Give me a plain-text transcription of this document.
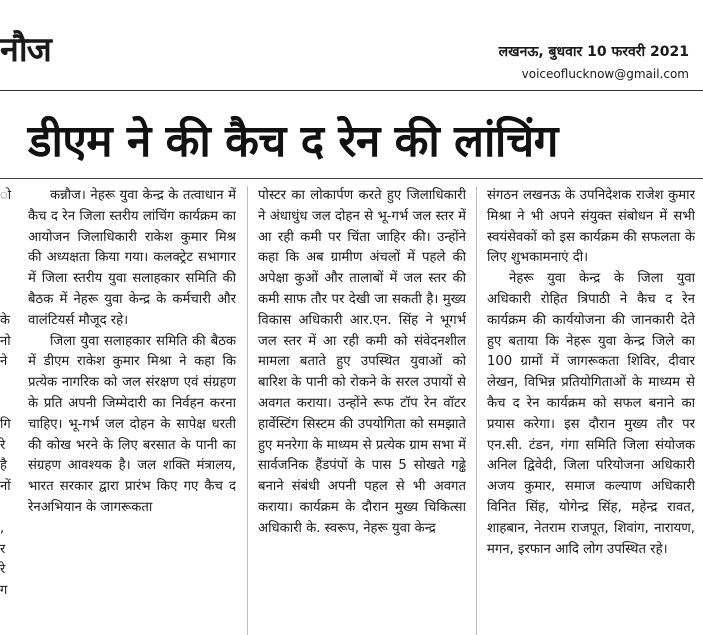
नौज	लखनऊ, बुधवार 10 फरवरी 2021
voiceoflucknow@gmail.com
डीएम ने की कैच द रेन की लांचिंग
ो
के
नो
ने
गि
रे
है
नों
,
र
रे
ग

कन्नौज। नेहरू युवा केन्द्र के तत्वाधान में कैच द रेन जिला स्तरीय लांचिंग कार्यक्रम का आयोजन जिलाधिकारी राकेश कुमार मिश्र की अध्यक्षता किया गया। कलक्ट्रेट सभागार में जिला स्तरीय युवा सलाहकार समिति की बैठक में नेहरू युवा केन्द्र के कर्मचारी और वालंटियर्स मौजूद रहे।

जिला युवा सलाहकार समिति की बैठक में डीएम राकेश कुमार मिश्रा ने कहा कि प्रत्येक नागरिक को जल संरक्षण एवं संग्रहण के प्रति अपनी जिम्मेदारी का निर्वहन करना चाहिए। भू-गर्भ जल दोहन के सापेक्ष धरती की कोख भरने के लिए बरसात के पानी का संग्रहण आवश्यक है। जल शक्ति मंत्रालय, भारत सरकार द्वारा प्रारंभ किए गए कैच द रेनअभियान के जागरूकता

पोस्टर का लोकार्पण करते हुए जिलाधिकारी ने अंधाधुंध जल दोहन से भू-गर्भ जल स्तर में आ रही कमी पर चिंता जाहिर की। उन्होंने कहा कि अब ग्रामीण अंचलों में पहले की अपेक्षा कुओं और तालाबों में जल स्तर की कमी साफ तौर पर देखी जा सकती है। मुख्य विकास अधिकारी आर.एन. सिंह ने भूगर्भ जल स्तर में आ रही कमी को संवेदनशील मामला बताते हुए उपस्थित युवाओं को बारिश के पानी को रोकने के सरल उपायों से अवगत कराया। उन्होंने रूफ टॉप रेन वॉटर हार्वेस्टिंग सिस्टम की उपयोगिता को समझाते हुए मनरेगा के माध्यम से प्रत्येक ग्राम सभा में सार्वजनिक हैंडपंपों के पास 5 सोखते गढ्ढे बनाने संबंधी अपनी पहल से भी अवगत कराया। कार्यक्रम के दौरान मुख्य चिकित्सा अधिकारी के. स्वरूप, नेहरू युवा केन्द्र

संगठन लखनऊ के उपनिदेशक राजेश कुमार मिश्रा ने भी अपने संयुक्त संबोधन में सभी स्वयंसेवकों को इस कार्यक्रम की सफलता के लिए शुभकामनाएं दी।

नेहरू युवा केन्द्र के जिला युवा अधिकारी रोहित त्रिपाठी ने कैच द रेन कार्यक्रम की कार्ययोजना की जानकारी देते हुए बताया कि नेहरू युवा केन्द्र जिले का 100 ग्रामों में जागरूकता शिविर, दीवार लेखन, विभिन्न प्रतियोगिताओं के माध्यम से कैच द रेन कार्यक्रम को सफल बनाने का प्रयास करेगा। इस दौरान मुख्य तौर पर एन.सी. टंडन, गंगा समिति जिला संयोजक अनिल द्विवेदी, जिला परियोजना अधिकारी अजय कुमार, समाज कल्याण अधिकारी विनित सिंह, योगेन्द्र सिंह, महेन्द्र रावत, शाहबान, नेतराम राजपूत, शिवांग, नारायण, मगन, इरफान आदि लोग उपस्थित रहे।
